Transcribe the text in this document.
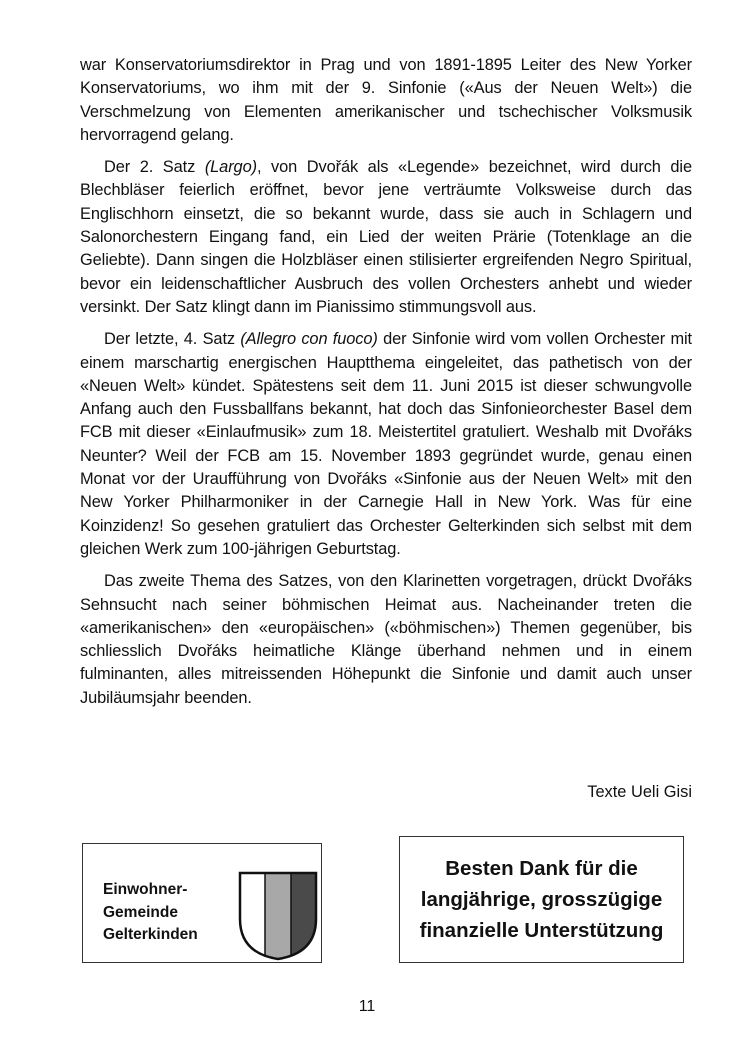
war Konservatoriumsdirektor in Prag und von 1891-1895 Leiter des New Yorker Konservatoriums, wo ihm mit der 9. Sinfonie («Aus der Neuen Welt») die Verschmelzung von Elementen amerikanischer und tschechischer Volksmusik hervorragend gelang.

Der 2. Satz (Largo), von Dvořák als «Legende» bezeichnet, wird durch die Blechbläser feierlich eröffnet, bevor jene verträumte Volksweise durch das Englischhorn einsetzt, die so bekannt wurde, dass sie auch in Schlagern und Salonorchestern Eingang fand, ein Lied der weiten Prärie (Totenklage an die Geliebte). Dann singen die Holzbläser einen stilisierter ergreifenden Negro Spiritual, bevor ein leidenschaftlicher Ausbruch des vollen Orchesters anhebt und wieder versinkt. Der Satz klingt dann im Pianissimo stimmungsvoll aus.

Der letzte, 4. Satz (Allegro con fuoco) der Sinfonie wird vom vollen Orchester mit einem marschartig energischen Hauptthema eingeleitet, das pathetisch von der «Neuen Welt» kündet. Spätestens seit dem 11. Juni 2015 ist dieser schwungvolle Anfang auch den Fussballfans bekannt, hat doch das Sinfonieorchester Basel dem FCB mit dieser «Einlaufmusik» zum 18. Meistertitel gratuliert. Weshalb mit Dvořáks Neunter? Weil der FCB am 15. November 1893 gegründet wurde, genau einen Monat vor der Uraufführung von Dvořáks «Sinfonie aus der Neuen Welt» mit den New Yorker Philharmoniker in der Carnegie Hall in New York. Was für eine Koinzidenz! So gesehen gratuliert das Orchester Gelterkinden sich selbst mit dem gleichen Werk zum 100-jährigen Geburtstag.

Das zweite Thema des Satzes, von den Klarinetten vorgetragen, drückt Dvořáks Sehnsucht nach seiner böhmischen Heimat aus. Nacheinander treten die «amerikanischen» den «europäischen» («böhmischen») Themen gegenüber, bis schliesslich Dvořáks heimatliche Klänge überhand nehmen und in einem fulminanten, alles mitreissenden Höhepunkt die Sinfonie und damit auch unser Jubiläumsjahr beenden.

Texte Ueli Gisi
Einwohner-
Gemeinde
Gelterkinden
Besten Dank für die
langjährige, grosszügige
finanzielle Unterstützung
11
